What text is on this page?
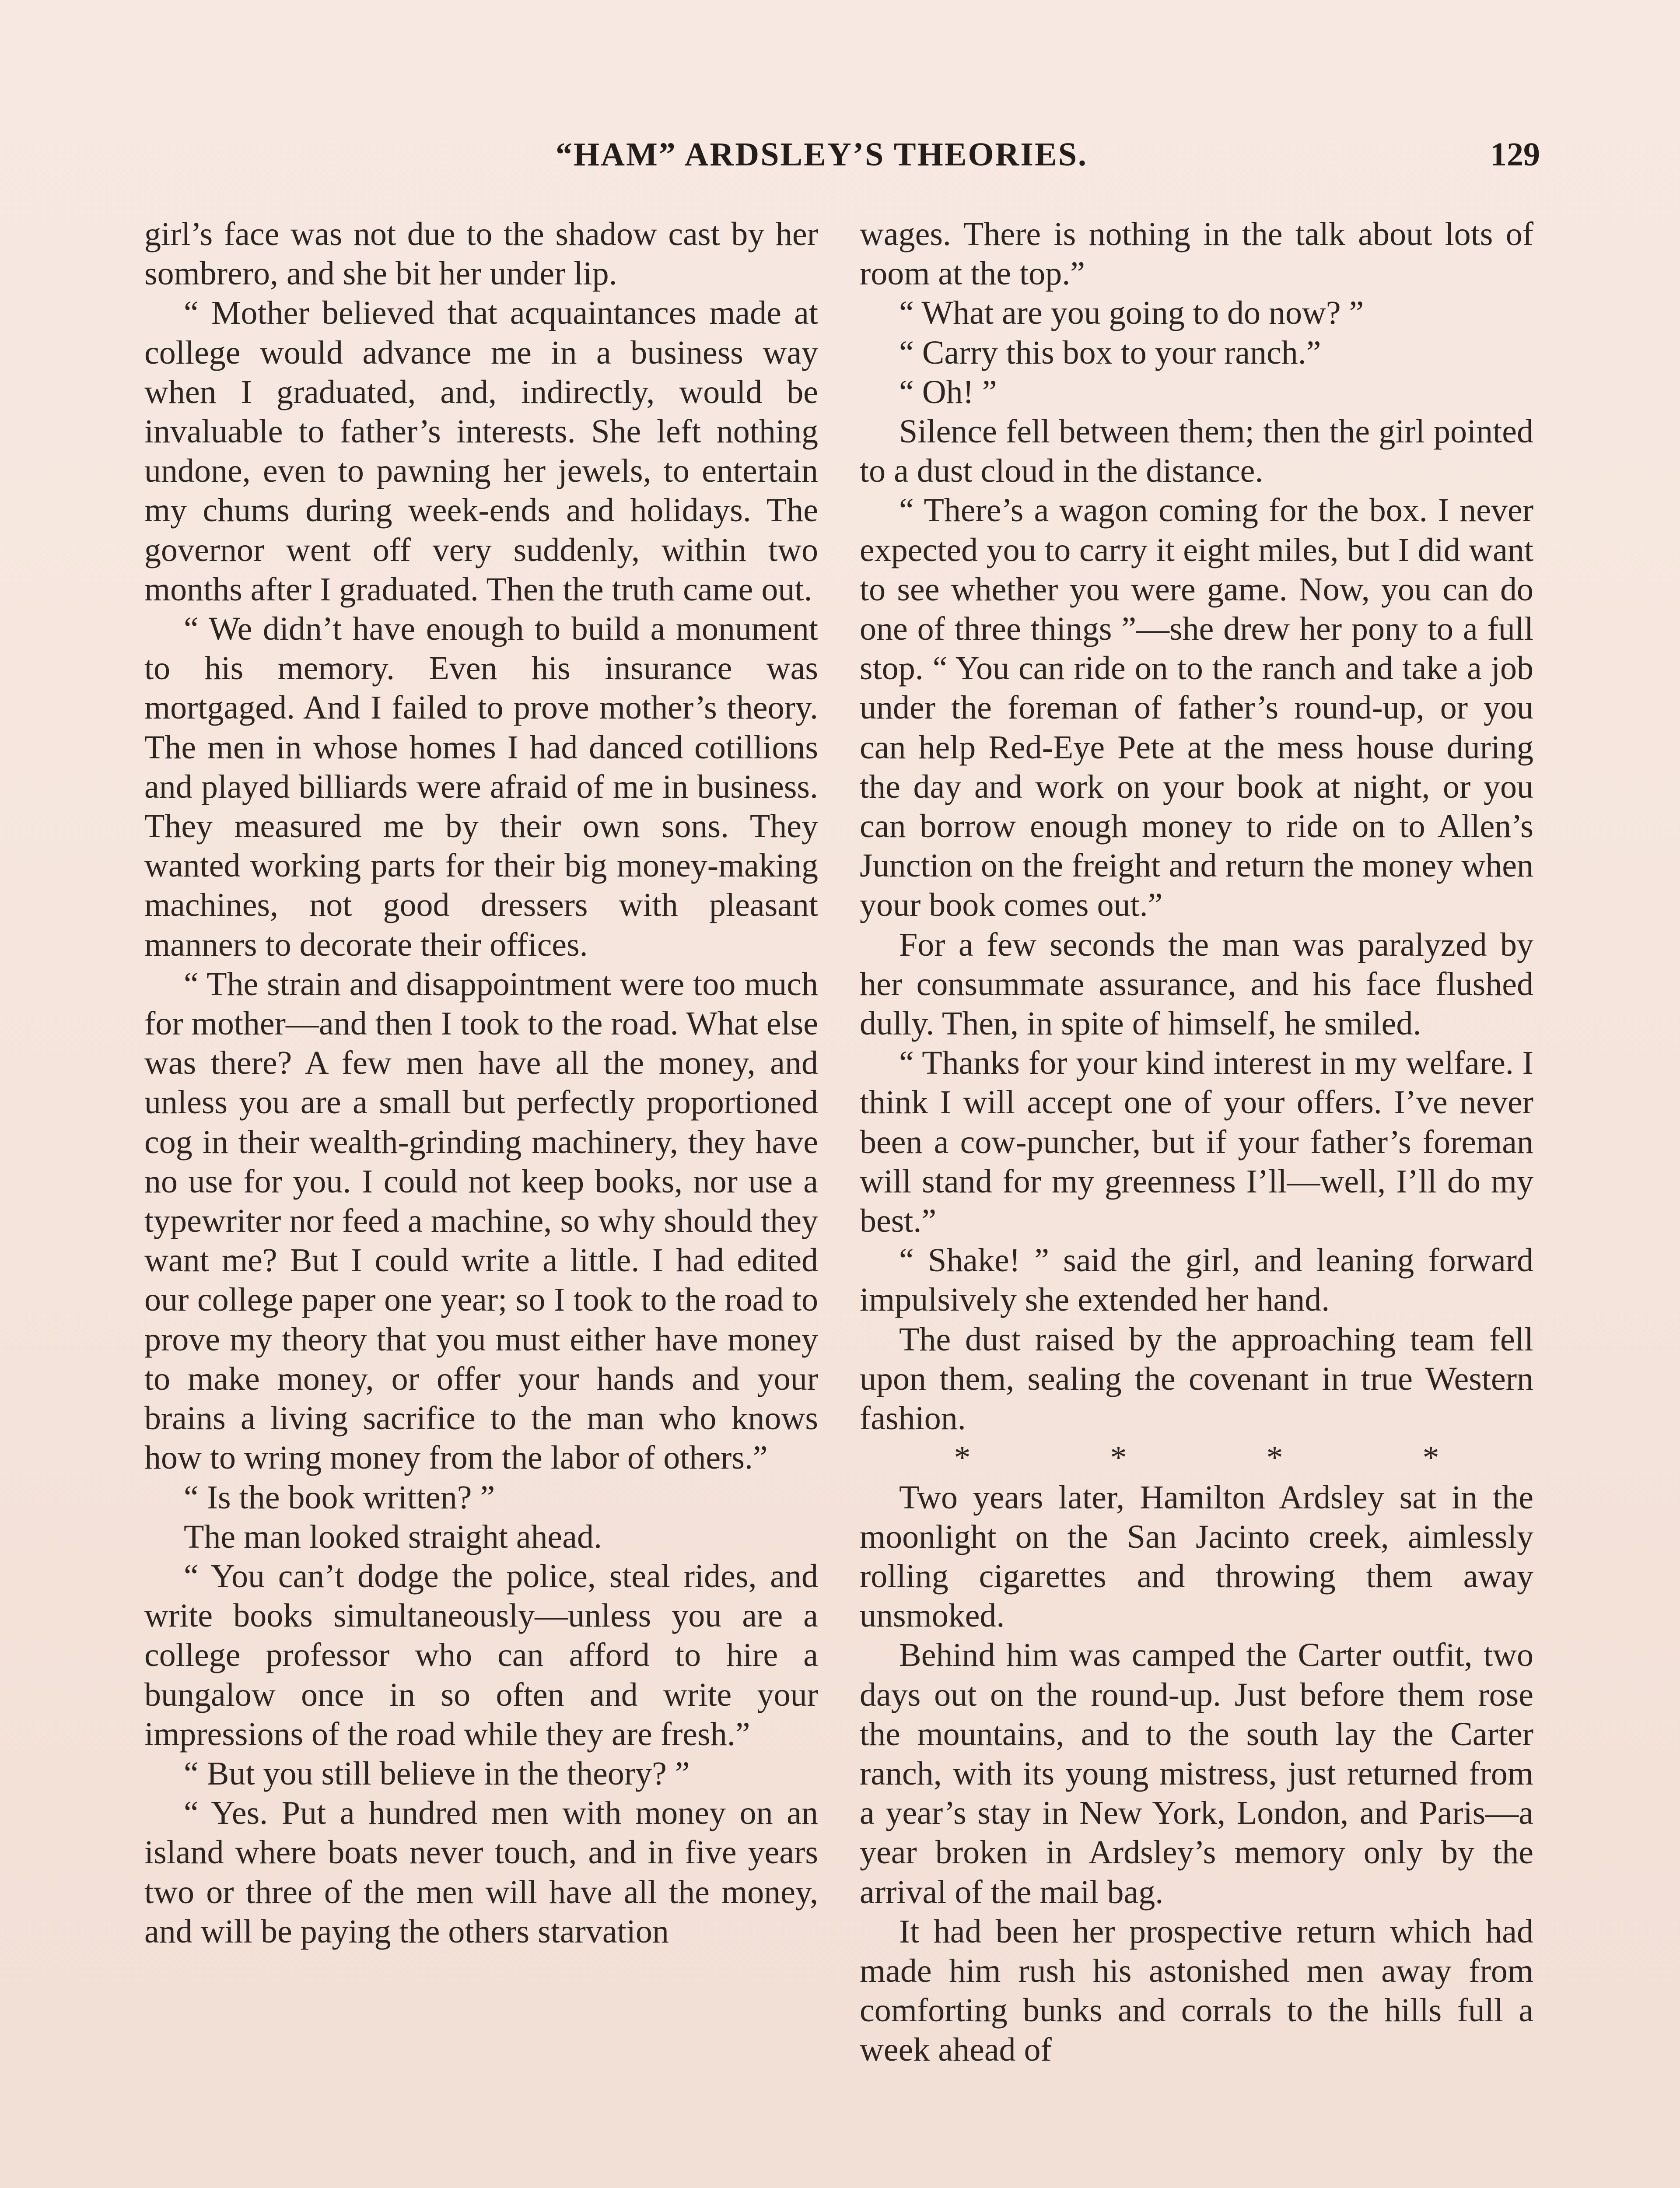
“HAM” ARDSLEY’S THEORIES.	129

girl’s face was not due to the shadow cast by her sombrero, and she bit her under lip.

“ Mother believed that acquaintances made at college would advance me in a business way when I graduated, and, indirectly, would be invaluable to father’s interests. She left nothing undone, even to pawning her jewels, to entertain my chums during week-ends and holidays. The governor went off very suddenly, within two months after I graduated. Then the truth came out.

“ We didn’t have enough to build a monument to his memory. Even his insurance was mortgaged. And I failed to prove mother’s theory. The men in whose homes I had danced cotillions and played billiards were afraid of me in business. They measured me by their own sons. They wanted working parts for their big money-making machines, not good dressers with pleasant manners to decorate their offices.

“ The strain and disappointment were too much for mother—and then I took to the road. What else was there? A few men have all the money, and unless you are a small but perfectly proportioned cog in their wealth-grinding machinery, they have no use for you. I could not keep books, nor use a typewriter nor feed a machine, so why should they want me? But I could write a little. I had edited our college paper one year; so I took to the road to prove my theory that you must either have money to make money, or offer your hands and your brains a living sacrifice to the man who knows how to wring money from the labor of others.”

“ Is the book written? ”

The man looked straight ahead.

“ You can’t dodge the police, steal rides, and write books simultaneously—unless you are a college professor who can afford to hire a bungalow once in so often and write your impressions of the road while they are fresh.”

“ But you still believe in the theory? ”

“ Yes. Put a hundred men with money on an island where boats never touch, and in five years two or three of the men will have all the money, and will be paying the others starvation

wages. There is nothing in the talk about lots of room at the top.”

“ What are you going to do now? ”

“ Carry this box to your ranch.”

“ Oh! ”

Silence fell between them; then the girl pointed to a dust cloud in the distance.

“ There’s a wagon coming for the box. I never expected you to carry it eight miles, but I did want to see whether you were game. Now, you can do one of three things ”—she drew her pony to a full stop. “ You can ride on to the ranch and take a job under the foreman of father’s round-up, or you can help Red-Eye Pete at the mess house during the day and work on your book at night, or you can borrow enough money to ride on to Allen’s Junction on the freight and return the money when your book comes out.”

For a few seconds the man was paralyzed by her consummate assurance, and his face flushed dully. Then, in spite of himself, he smiled.

“ Thanks for your kind interest in my welfare. I think I will accept one of your offers. I’ve never been a cow-puncher, but if your father’s foreman will stand for my greenness I’ll—well, I’ll do my best.”

“ Shake! ” said the girl, and leaning forward impulsively she extended her hand.

The dust raised by the approaching team fell upon them, sealing the covenant in true Western fashion.

* * * *

Two years later, Hamilton Ardsley sat in the moonlight on the San Jacinto creek, aimlessly rolling cigarettes and throwing them away unsmoked.

Behind him was camped the Carter outfit, two days out on the round-up. Just before them rose the mountains, and to the south lay the Carter ranch, with its young mistress, just returned from a year’s stay in New York, London, and Paris—a year broken in Ardsley’s memory only by the arrival of the mail bag.

It had been her prospective return which had made him rush his astonished men away from comforting bunks and corrals to the hills full a week ahead of
